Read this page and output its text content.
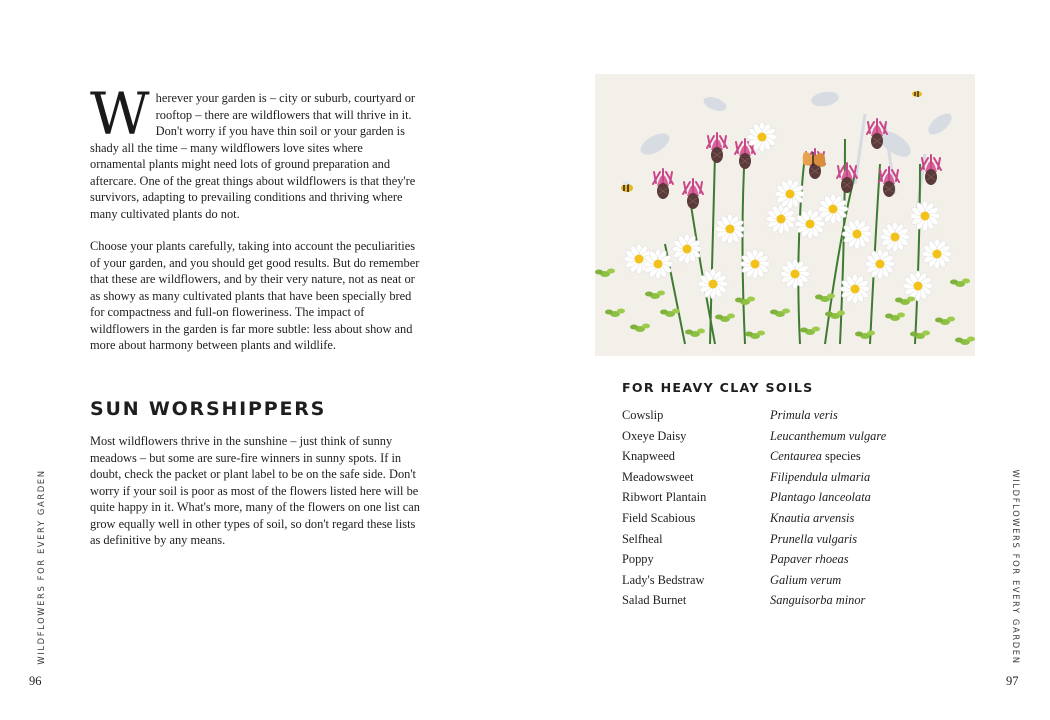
Wherever your garden is – city or suburb, courtyard or rooftop – there are wildflowers that will thrive in it. Don't worry if you have thin soil or your garden is shady all the time – many wildflowers love sites where ornamental plants might need lots of ground preparation and aftercare. One of the great things about wildflowers is that they're survivors, adapting to prevailing conditions and thriving where many cultivated plants do not.

Choose your plants carefully, taking into account the peculiarities of your garden, and you should get good results. But do remember that these are wildflowers, and by their very nature, not as neat or as showy as many cultivated plants that have been specially bred for compactness and full-on floweriness. The impact of wildflowers in the garden is far more subtle: less about show and more about harmony between plants and wildlife.

SUN WORSHIPPERS

Most wildflowers thrive in the sunshine – just think of sunny meadows – but some are sure-fire winners in sunny spots. If in doubt, check the packet or plant label to be on the safe side. Don't worry if your soil is poor as most of the flowers listed here will be quite happy in it. What's more, many of the flowers on one list can grow equally well in other types of soil, so don't regard these lists as definitive by any means.

WILDFLOWERS FOR EVERY GARDEN
96
FOR HEAVY CLAY SOILS
Cowslip	Primula veris
Oxeye Daisy	Leucanthemum vulgare
Knapweed	Centaurea species
Meadowsweet	Filipendula ulmaria
Ribwort Plantain	Plantago lanceolata
Field Scabious	Knautia arvensis
Selfheal	Prunella vulgaris
Poppy	Papaver rhoeas
Lady's Bedstraw	Galium verum
Salad Burnet	Sanguisorba minor	WILDFLOWERS FOR EVERY GARDEN
97
